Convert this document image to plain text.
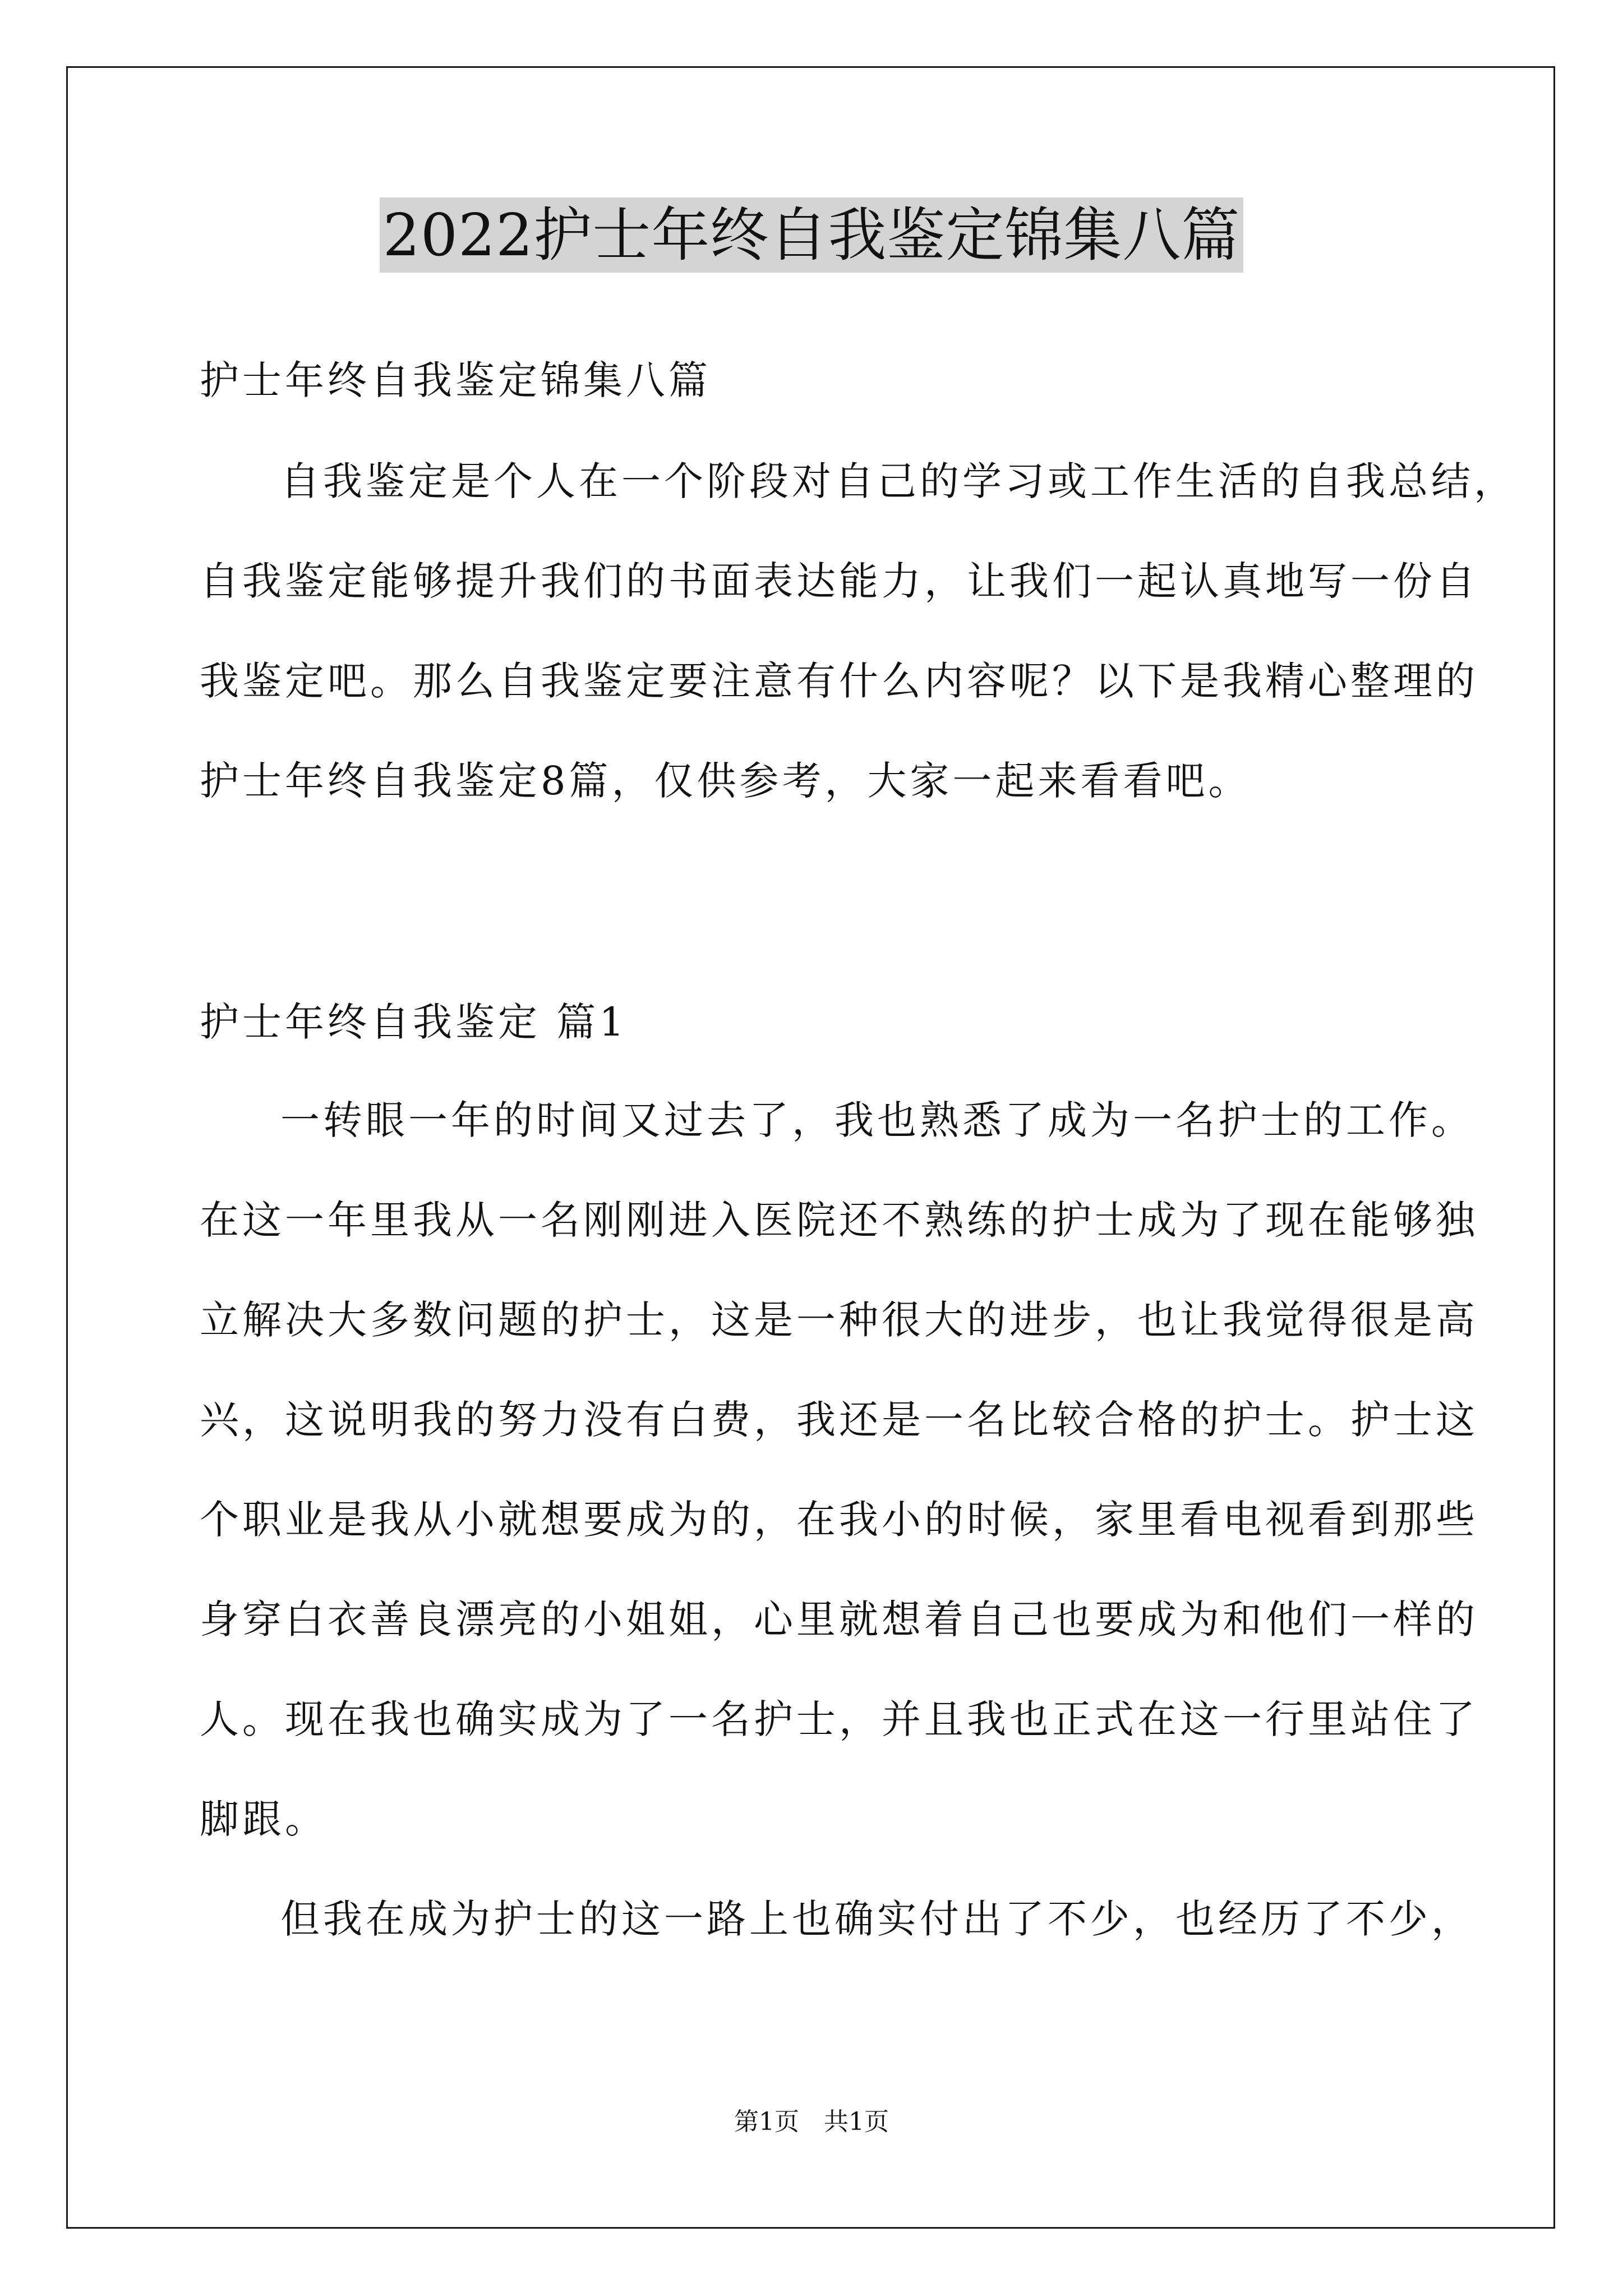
2022护士年终自我鉴定锦集八篇
护士年终自我鉴定锦集八篇
自我鉴定是个人在一个阶段对自己的学习或工作生活的自我总结，
自我鉴定能够提升我们的书面表达能力，让我们一起认真地写一份自
我鉴定吧。那么自我鉴定要注意有什么内容呢？以下是我精心整理的
护士年终自我鉴定8篇，仅供参考，大家一起来看看吧。
护士年终自我鉴定 篇1
一转眼一年的时间又过去了，我也熟悉了成为一名护士的工作。
在这一年里我从一名刚刚进入医院还不熟练的护士成为了现在能够独
立解决大多数问题的护士，这是一种很大的进步，也让我觉得很是高
兴，这说明我的努力没有白费，我还是一名比较合格的护士。护士这
个职业是我从小就想要成为的，在我小的时候，家里看电视看到那些
身穿白衣善良漂亮的小姐姐，心里就想着自己也要成为和他们一样的
人。现在我也确实成为了一名护士，并且我也正式在这一行里站住了
脚跟。
但我在成为护士的这一路上也确实付出了不少，也经历了不少，
第1页　共1页
